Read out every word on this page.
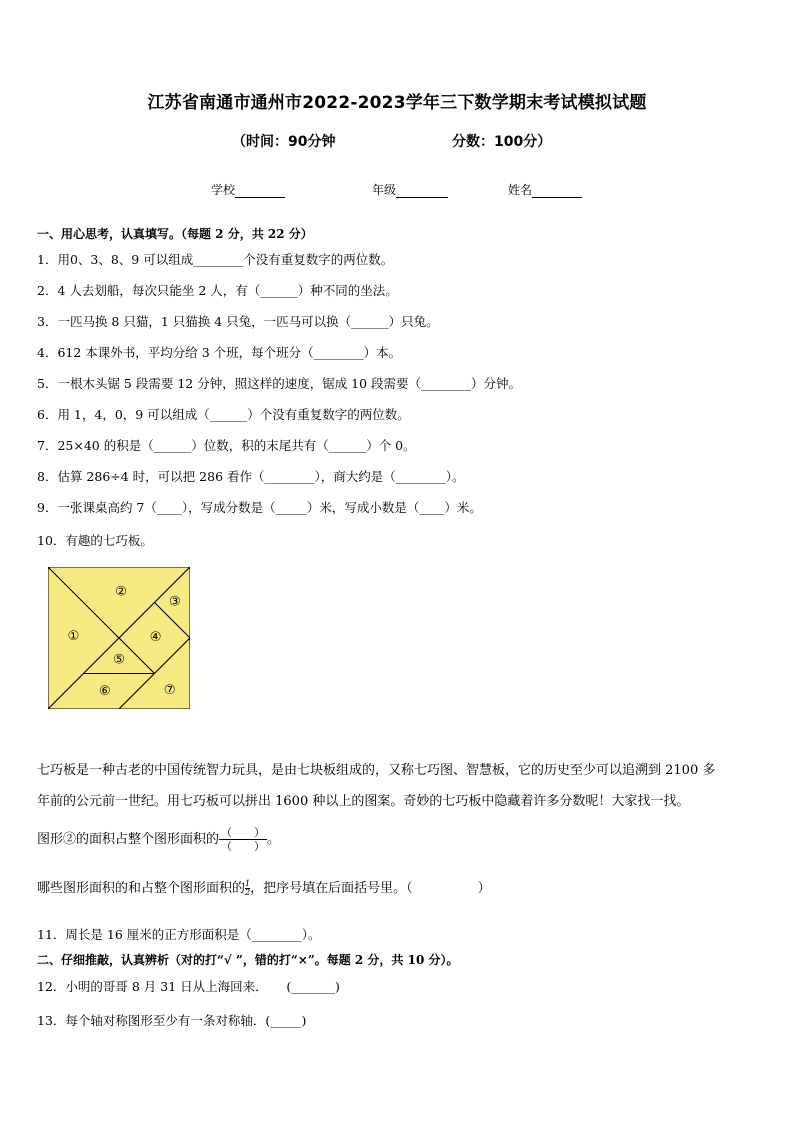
江苏省南通市通州市2022-2023学年三下数学期末考试模拟试题
（时间：90分钟	分数：100分）
学校	年级	姓名
一、用心思考，认真填写。（每题 2 分，共 22 分）
1．用0、3、8、9 可以组成________个没有重复数字的两位数。
2．4 人去划船，每次只能坐 2 人，有（______）种不同的坐法。
3．一匹马换 8 只猫，1 只猫换 4 只兔，一匹马可以换（______）只兔。
4．612 本课外书，平均分给 3 个班，每个班分（________）本。
5．一根木头锯 5 段需要 12 分钟，照这样的速度，锯成 10 段需要（________）分钟。
6．用 1，4，0，9 可以组成（______）个没有重复数字的两位数。
7．25×40 的积是（______）位数，积的末尾共有（______）个 0。
8．估算 286÷4 时，可以把 286 看作（________），商大约是（________）。
9．一张课桌高约 7（____），写成分数是（_____）米，写成小数是（____）米。
10．有趣的七巧板。
①
②
③
④
⑤
⑥	⑦
七巧板是一种古老的中国传统智力玩具，是由七块板组成的，又称七巧图、智慧板，它的历史至少可以追溯到 2100 多
年前的公元前一世纪。用七巧板可以拼出 1600 种以上的图案。奇妙的七巧板中隐藏着许多分数呢！大家找一找。
图形②的面积占整个图形面积的 $\frac{( )}{( )}$ 。
哪些图形面积的和占整个图形面积的 $\frac{1}{2}$，把序号填在后面括号里。（　　　　　）
11．周长是 16 厘米的正方形面积是（________）。
二、仔细推敲，认真辨析（对的打“√ ”，错的打“×”。每题 2 分，共 10 分）。
12．小明的哥哥 8 月 31 日从上海回来．　　(_______)
13．每个轴对称图形至少有一条对称轴．(_____)
